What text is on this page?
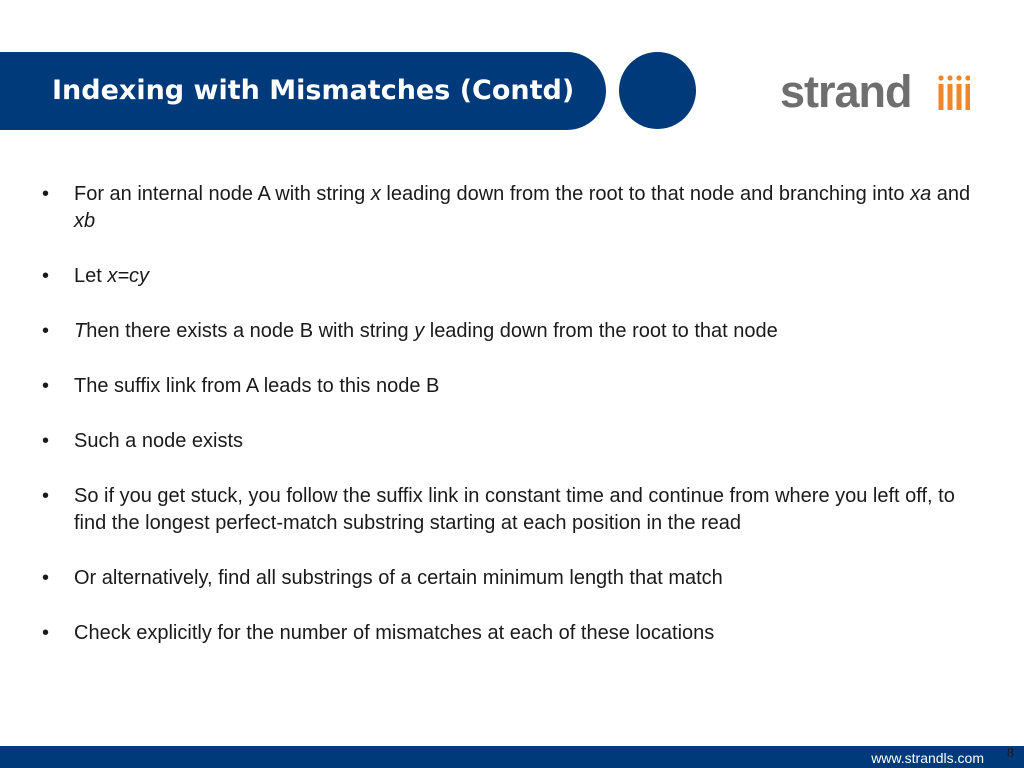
Indexing with Mismatches (Contd)	strand
• For an internal node A with string x leading down from the root to that node and branching into xa and xb
• Let x=cy
• Then there exists a node B with string y leading down from the root to that node
• The suffix link from A leads to this node B
• Such a node exists
• So if you get stuck, you follow the suffix link in constant time and continue from where you left off, to find the longest perfect-match substring starting at each position in the read
• Or alternatively, find all substrings of a certain minimum length that match
• Check explicitly for the number of mismatches at each of these locations
www.strandls.com 8
